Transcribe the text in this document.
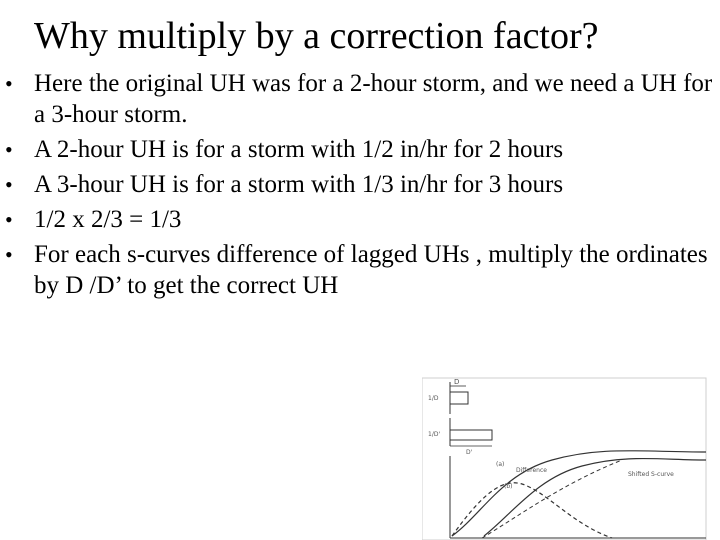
Why multiply by a correction factor?
• Here the original UH was for a 2-hour storm, and we need a UH for a 3-hour storm.
• A 2-hour UH is for a storm with 1/2 in/hr for 2 hours
• A 3-hour UH is for a storm with 1/3 in/hr for 3 hours
• 1/2 x 2/3 = 1/3
• For each s-curves difference of lagged UHs , multiply the ordinates by D /D’ to get the correct UH
D
1/D
1/D'
D'
(a)
Shifted S-curve
Difference
(b)
